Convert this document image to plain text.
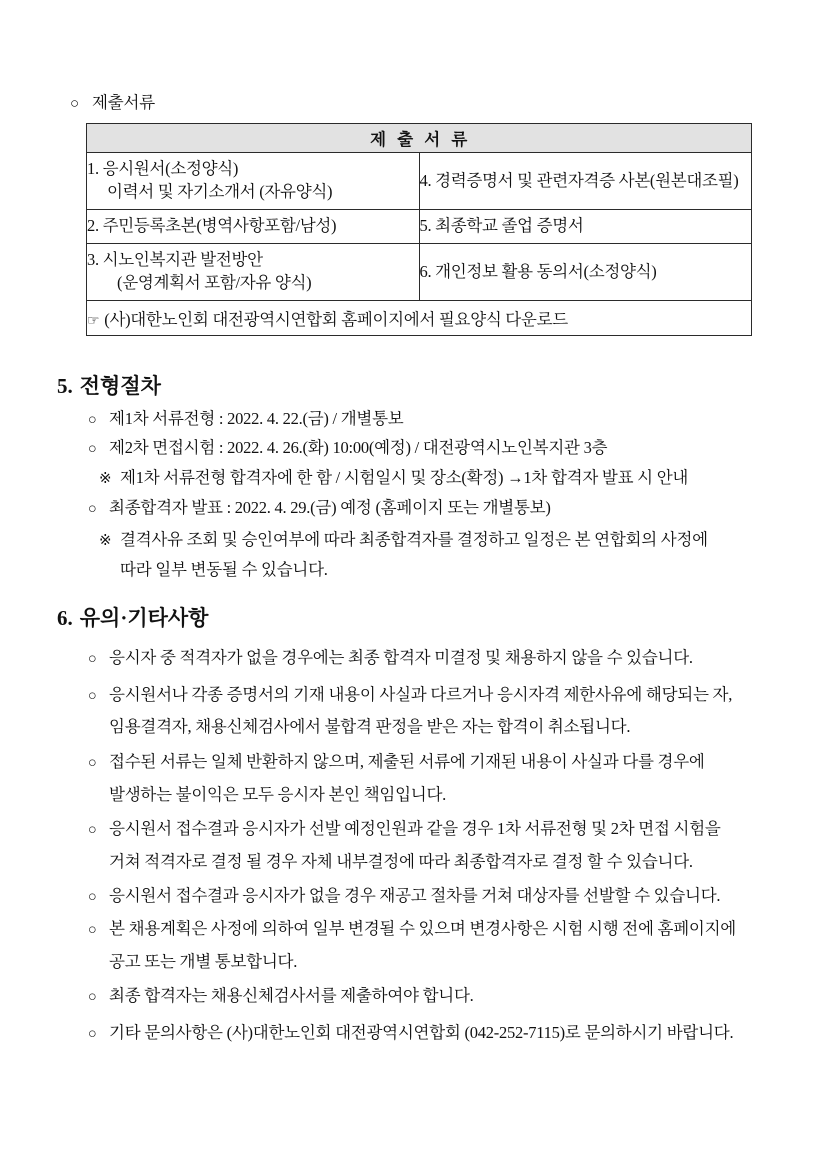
○ 제출서류
제 출 서 류	
1. 응시원서(소정양식)
이력서 및 자기소개서 (자유양식)	4. 경력증명서 및 관련자격증 사본(원본대조필)
2. 주민등록초본(병역사항포함/남성)	5. 최종학교 졸업 증명서
3. 시노인복지관 발전방안
(운영계획서 포함/자유 양식)	6. 개인정보 활용 동의서(소정양식)
☞ (사)대한노인회 대전광역시연합회 홈페이지에서 필요양식 다운로드	
5. 전형절차
○ 제1차 서류전형 : 2022. 4. 22.(금) / 개별통보
○ 제2차 면접시험 : 2022. 4. 26.(화) 10:00(예정) / 대전광역시노인복지관 3층
※ 제1차 서류전형 합격자에 한 함 / 시험일시 및 장소(확정) →1차 합격자 발표 시 안내
○ 최종합격자 발표 : 2022. 4. 29.(금) 예정 (홈페이지 또는 개별통보)
※ 결격사유 조회 및 승인여부에 따라 최종합격자를 결정하고 일정은 본 연합회의 사정에
따라 일부 변동될 수 있습니다.
6. 유의·기타사항
○ 응시자 중 적격자가 없을 경우에는 최종 합격자 미결정 및 채용하지 않을 수 있습니다.
○ 응시원서나 각종 증명서의 기재 내용이 사실과 다르거나 응시자격 제한사유에 해당되는 자,
임용결격자, 채용신체검사에서 불합격 판정을 받은 자는 합격이 취소됩니다.
○ 접수된 서류는 일체 반환하지 않으며, 제출된 서류에 기재된 내용이 사실과 다를 경우에
발생하는 불이익은 모두 응시자 본인 책임입니다.
○ 응시원서 접수결과 응시자가 선발 예정인원과 같을 경우 1차 서류전형 및 2차 면접 시험을
거쳐 적격자로 결정 될 경우 자체 내부결정에 따라 최종합격자로 결정 할 수 있습니다.
○ 응시원서 접수결과 응시자가 없을 경우 재공고 절차를 거쳐 대상자를 선발할 수 있습니다.
○ 본 채용계획은 사정에 의하여 일부 변경될 수 있으며 변경사항은 시험 시행 전에 홈페이지에
공고 또는 개별 통보합니다.
○ 최종 합격자는 채용신체검사서를 제출하여야 합니다.
○ 기타 문의사항은 (사)대한노인회 대전광역시연합회 (042-252-7115)로 문의하시기 바랍니다.
